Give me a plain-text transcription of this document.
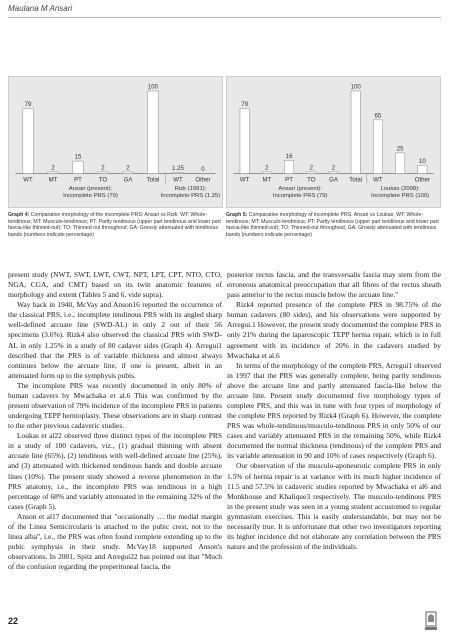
Maulana M Ansari
79
WT
2
MT
15
PT
2
TO
2
GA
100
Total
1.25
WT
0
Other
Ansari (present):
Incomplete PRS (79)
Rizk (1991):
Incomplete PRS (1.25)
79
WT
2
MT
16
PT
2
TO
2
GA
100
Total
65
WT
25
10
Other
Ansari (present):
Incomplete PRS (79)
Loukas (2008):
Incomplete PRS (100)
Graph 4: Comparative morphology of the incomplete PRS: Ansari vs Rizk: WT: Whole-tendinous; MT: Musculo-tendinous; PT: Partly tendinous (upper part tendinous and lower part fascia-like thinned-out); TO: Thinned out throughout; GA: Grossly attenuated with tendinous bands (numbers indicate percentage)
Graph 5: Comparative morphology of incomplete PRS: Ansari vs Loukas; WT: Whole-tendinous; MT: Musculo-tendinous; PT: Partly tendinous (upper part tendinous and lower part fascia-like thinned-out); TO: Thinned-out throughout; GA: Grossly attenuated with tendinous bands (numbers indicate percentage)

present study (NWT, SWT, LWT, CWT, NPT, LPT, CPT, NTO, CTO, NGA, CGA, and CMT) based on its twin anatomic features of morphology and extent (Tables 5 and 6, vide supra).

Way back in 1940, McVay and Anson16 reported the occurrence of the classical PRS, i.e., incomplete tendinous PRS with its angled sharp well-defined arcuate line (SWD-AL) in only 2 out of their 56 specimens (3.6%). Rizk4 also observed the classical PRS with SWD-AL in only 1.25% in a study of 80 cadaver sides (Graph 4). Arregui1 described that the PRS is of variable thickness and almost always continues below the arcuate line, if one is present, albeit in an attenuated form up to the symphysis pubis.

The incomplete PRS was recently documented in only 80% of human cadavers by Mwachaka et al.6 This was confirmed by the present observation of 79% incidence of the incomplete PRS in patients undergoing TEPP hernioplasty. These observations are in sharp contrast to the other previous cadaveric studies.

Loukas et al22 observed three distinct types of the incomplete PRS in a study of 100 cadavers, viz., (1) gradual thinning with absent arcuate line (65%), (2) tendinous with well-defined arcuate line (25%), and (3) attenuated with thickened tendinous bands and double arcuate lines (10%). The present study showed a reverse phenomenon in the PRS anatomy, i.e., the incomplete PRS was tendinous in a high percentage of 68% and variably attenuated in the remaining 32% of the cases (Graph 5).

Anson et al17 documented that "occasionally … the medial margin of the Linea Semicircularis is attached to the pubic crest, not to the linea alba", i.e., the PRS was often found complete extending up to the pubic symphysis in their study. McVay18 supported Anson's observations. In 2001, Spitz and Arregui22 has pointed out that "Much of the confusion regarding the preperitoneal fascia, the

posterior rectus fascia, and the transversalis fascia may stem from the erroneous anatomical preoccupation that all fibres of the rectus sheath pass anterior to the rectus muscle below the arcuate line."

Rizk4 reported presence of the complete PRS in 98.75% of the human cadavers (80 sides), and his observations were supported by Arregui.1 However, the present study documented the complete PRS in only 21% during the laparoscopic TEPP hernia repair, which is in full agreement with its incidence of 20% in the cadavers studied by Mwachaka et al.6

In terms of the morphology of the complete PRS, Arregui1 observed in 1997 that the PRS was generally complete, being partly tendinous above the arcuate line and partly attenuated fascia-like below the arcuate line. Present study documented five morphology types of complete PRS, and this was in tune with four types of morphology of the complete PRS reported by Rizk4 (Graph 6). However, the complete PRS was whole-tendinous/musculo-tendinous PRS in only 50% of our cases and variably attenuated PRS in the remaining 50%, while Rizk4 documented the normal thickness (tendinous) of the complete PRS and its variable attenuation in 90 and 10% of cases respectively (Graph 6).

Our observation of the musculo-aponeurotic complete PRS in only 1.5% of hernia repair is at variance with its much higher incidence of 11.5 and 57.5% in cadaveric studies reported by Mwachaka et al6 and Monkhouse and Khalique3 respectively. The musculo-tendinous PRS in the present study was seen in a young student accustomed to regular gymnasium exercises. This is easily understandable, but may not be necessarily true. It is unfortunate that other two investigators reporting its higher incidence did not elaborate any correlation between the PRS nature and the profession of the individuals.

22
